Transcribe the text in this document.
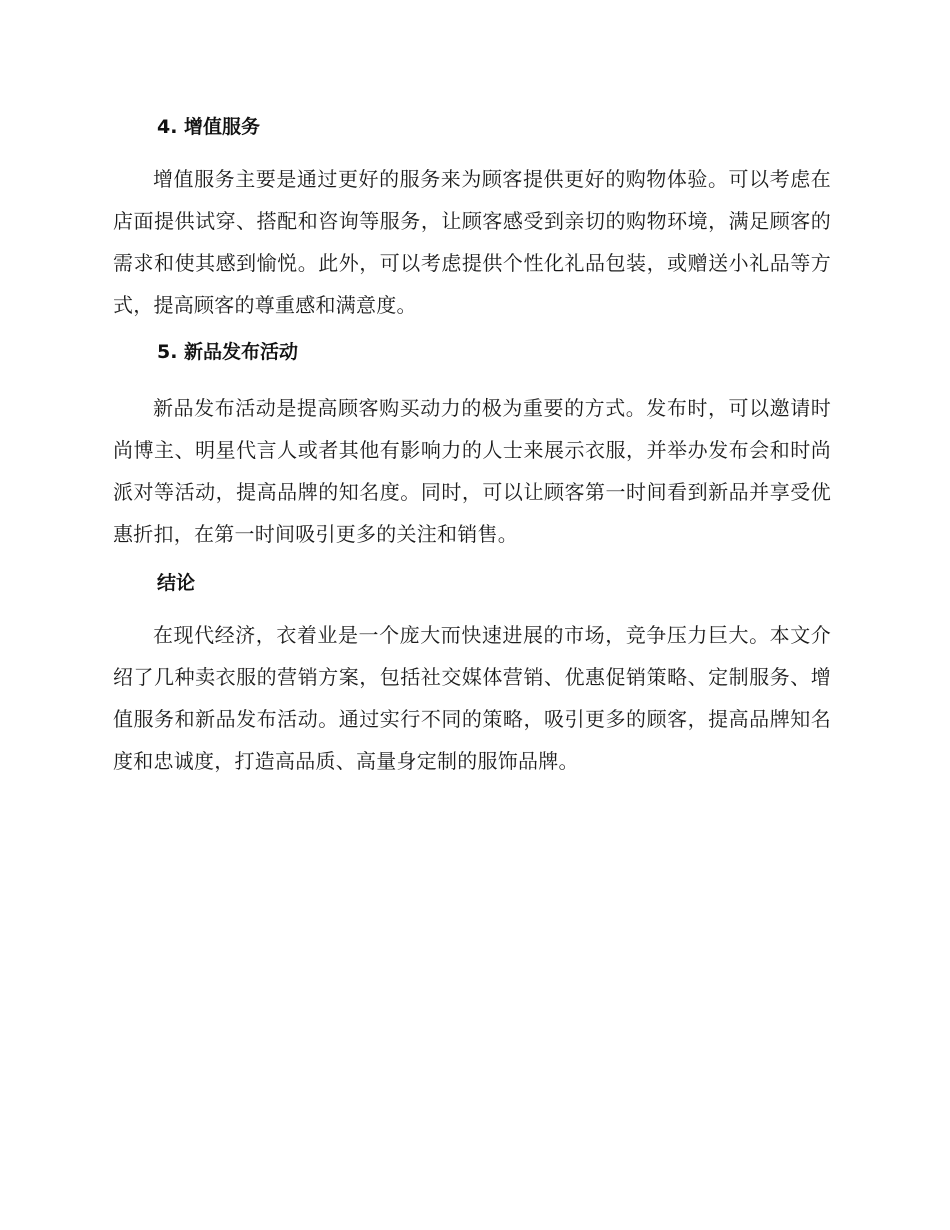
4. 增值服务

增值服务主要是通过更好的服务来为顾客提供更好的购物体验。可以考虑在店面提供试穿、搭配和咨询等服务，让顾客感受到亲切的购物环境，满足顾客的需求和使其感到愉悦。此外，可以考虑提供个性化礼品包装，或赠送小礼品等方式，提高顾客的尊重感和满意度。

5. 新品发布活动

新品发布活动是提高顾客购买动力的极为重要的方式。发布时，可以邀请时尚博主、明星代言人或者其他有影响力的人士来展示衣服，并举办发布会和时尚派对等活动，提高品牌的知名度。同时，可以让顾客第一时间看到新品并享受优惠折扣，在第一时间吸引更多的关注和销售。

结论

在现代经济，衣着业是一个庞大而快速进展的市场，竞争压力巨大。本文介绍了几种卖衣服的营销方案，包括社交媒体营销、优惠促销策略、定制服务、增值服务和新品发布活动。通过实行不同的策略，吸引更多的顾客，提高品牌知名度和忠诚度，打造高品质、高量身定制的服饰品牌。
